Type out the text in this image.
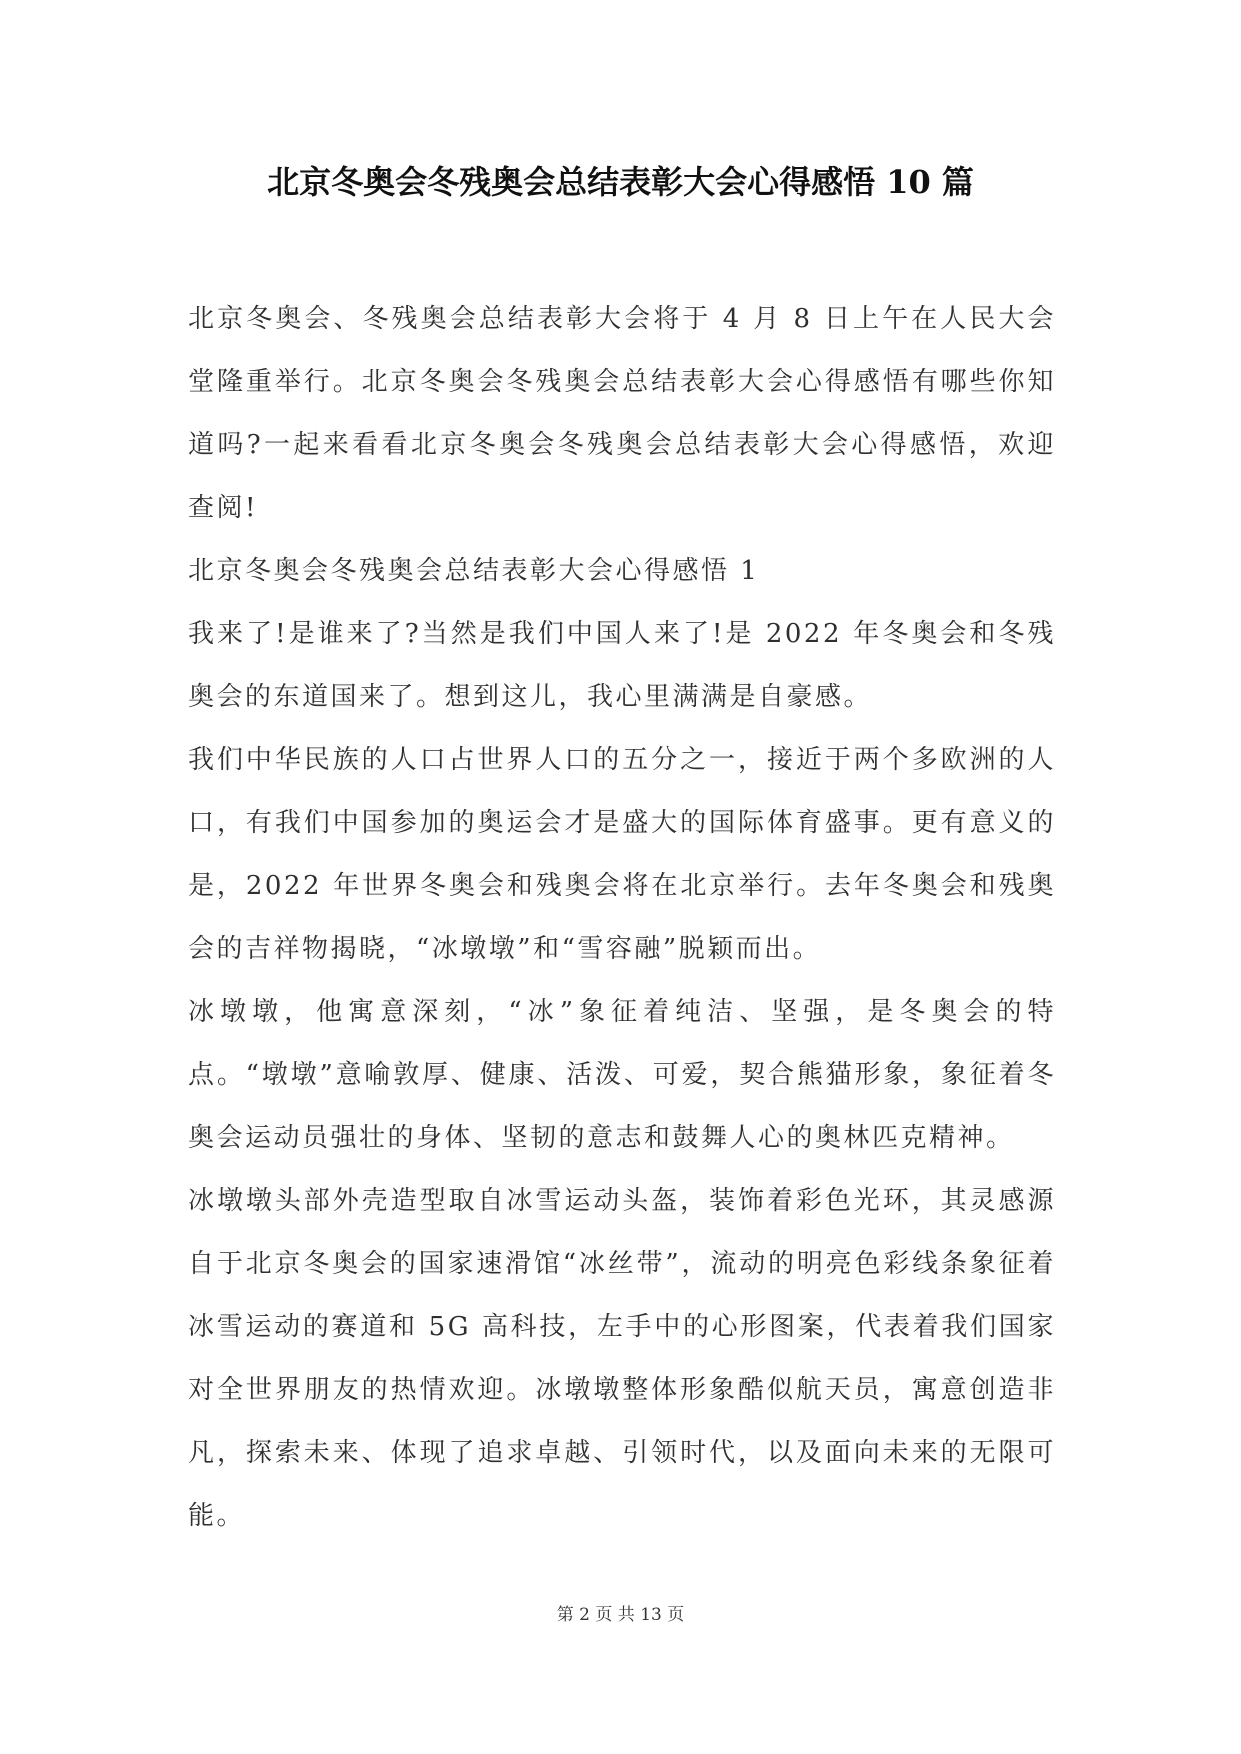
北京冬奥会冬残奥会总结表彰大会心得感悟 10 篇

北京冬奥会、冬残奥会总结表彰大会将于 4 月 8 日上午在人民大会堂隆重举行。北京冬奥会冬残奥会总结表彰大会心得感悟有哪些你知道吗?一起来看看北京冬奥会冬残奥会总结表彰大会心得感悟，欢迎查阅!

北京冬奥会冬残奥会总结表彰大会心得感悟 1

我来了!是谁来了?当然是我们中国人来了!是 2022 年冬奥会和冬残奥会的东道国来了。想到这儿，我心里满满是自豪感。

我们中华民族的人口占世界人口的五分之一，接近于两个多欧洲的人口，有我们中国参加的奥运会才是盛大的国际体育盛事。更有意义的是，2022 年世界冬奥会和残奥会将在北京举行。去年冬奥会和残奥会的吉祥物揭晓，“冰墩墩”和“雪容融”脱颖而出。

冰墩墩，他寓意深刻，“冰”象征着纯洁、坚强，是冬奥会的特点。“墩墩”意喻敦厚、健康、活泼、可爱，契合熊猫形象，象征着冬奥会运动员强壮的身体、坚韧的意志和鼓舞人心的奥林匹克精神。

冰墩墩头部外壳造型取自冰雪运动头盔，装饰着彩色光环，其灵感源自于北京冬奥会的国家速滑馆“冰丝带”，流动的明亮色彩线条象征着冰雪运动的赛道和 5G 高科技，左手中的心形图案，代表着我们国家对全世界朋友的热情欢迎。冰墩墩整体形象酷似航天员，寓意创造非凡，探索未来、体现了追求卓越、引领时代，以及面向未来的无限可能。

第 2 页 共 13 页
